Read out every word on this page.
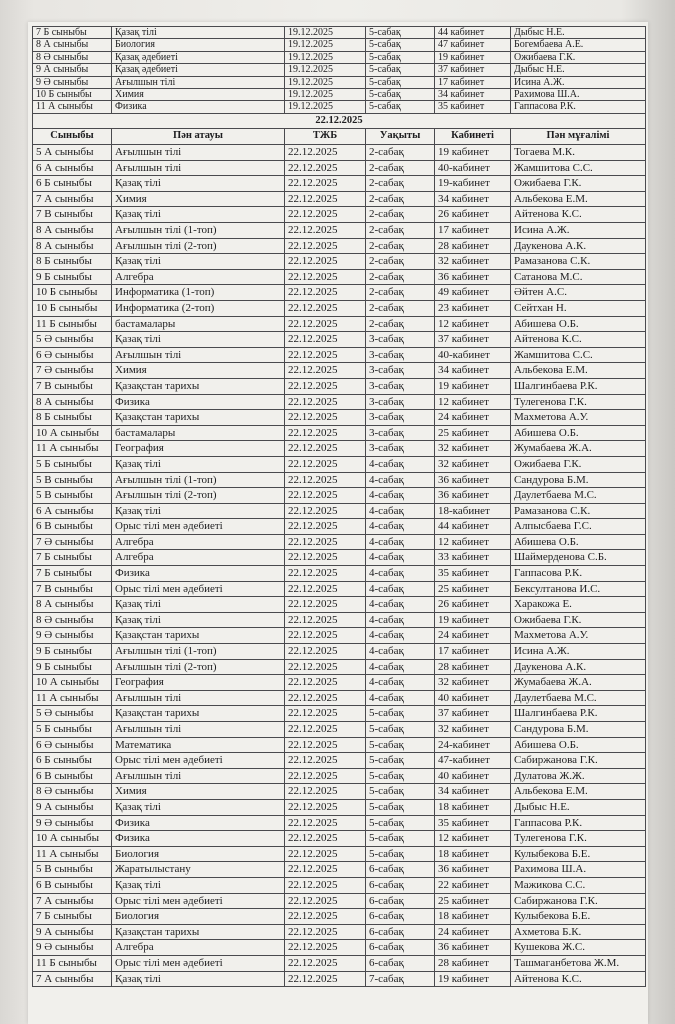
7 Б сыныбы	Қазақ тілі	19.12.2025	5-сабақ	44 кабинет	Дыбыс Н.Е.
8 А сыныбы	Биология	19.12.2025	5-сабақ	47 кабинет	Богембаева А.Е.
8 Ә сыныбы	Қазақ әдебиеті	19.12.2025	5-сабақ	19 кабинет	Ожибаева Г.К.
9 А сыныбы	Қазақ әдебиеті	19.12.2025	5-сабақ	37 кабинет	Дыбыс Н.Е.
9 Ә сыныбы	Ағылшын тілі	19.12.2025	5-сабақ	17 кабинет	Исина А.Ж.
10 Б сыныбы	Химия	19.12.2025	5-сабақ	34 кабинет	Рахимова Ш.А.
11 А сыныбы	Физика	19.12.2025	5-сабақ	35 кабинет	Гаппасова Р.К.
22.12.2025					
Сыныбы	Пән атауы	ТЖБ	Уақыты	Кабинеті	Пән мұғалімі
5 А сыныбы	Ағылшын тілі	22.12.2025	2-сабақ	19 кабинет	Тогаева М.К.
6 А сыныбы	Ағылшын тілі	22.12.2025	2-сабақ	40-кабинет	Жамшитова С.С.
6 Б сыныбы	Қазақ тілі	22.12.2025	2-сабақ	19-кабинет	Ожибаева Г.К.
7 А сыныбы	Химия	22.12.2025	2-сабақ	34 кабинет	Альбекова Е.М.
7 В сыныбы	Қазақ тілі	22.12.2025	2-сабақ	26 кабинет	Айтенова К.С.
8 А сыныбы	Ағылшын тілі (1-топ)	22.12.2025	2-сабақ	17 кабинет	Исина А.Ж.
8 А сыныбы	Ағылшын тілі (2-топ)	22.12.2025	2-сабақ	28 кабинет	Даукенова А.К.
8 Б сыныбы	Қазақ тілі	22.12.2025	2-сабақ	32 кабинет	Рамазанова С.К.
9 Б сыныбы	Алгебра	22.12.2025	2-сабақ	36 кабинет	Сатанова М.С.
10 Б сыныбы	Информатика (1-топ)	22.12.2025	2-сабақ	49 кабинет	Әйтен А.С.
10 Б сыныбы	Информатика (2-топ)	22.12.2025	2-сабақ	23 кабинет	Сейтхан Н.
11 Б сыныбы	бастамалары	22.12.2025	2-сабақ	12 кабинет	Абишева О.Б.
5 Ә сыныбы	Қазақ тілі	22.12.2025	3-сабақ	37 кабинет	Айтенова К.С.
6 Ә сыныбы	Ағылшын тілі	22.12.2025	3-сабақ	40-кабинет	Жамшитова С.С.
7 Ә сыныбы	Химия	22.12.2025	3-сабақ	34 кабинет	Альбекова Е.М.
7 В сыныбы	Қазақстан тарихы	22.12.2025	3-сабақ	19 кабинет	Шалгинбаева Р.К.
8 А сыныбы	Физика	22.12.2025	3-сабақ	12 кабинет	Тулегенова Г.К.
8 Б сыныбы	Қазақстан тарихы	22.12.2025	3-сабақ	24 кабинет	Махметова А.У.
10 А сыныбы	бастамалары	22.12.2025	3-сабақ	25 кабинет	Абишева О.Б.
11 А сыныбы	География	22.12.2025	3-сабақ	32 кабинет	Жумабаева Ж.А.
5 Б сыныбы	Қазақ тілі	22.12.2025	4-сабақ	32 кабинет	Ожибаева Г.К.
5 В сыныбы	Ағылшын тілі (1-топ)	22.12.2025	4-сабақ	36 кабинет	Сандурова Б.М.
5 В сыныбы	Ағылшын тілі (2-топ)	22.12.2025	4-сабақ	36 кабинет	Даулетбаева М.С.
6 А сыныбы	Қазақ тілі	22.12.2025	4-сабақ	18-кабинет	Рамазанова С.К.
6 В сыныбы	Орыс тілі мен әдебиеті	22.12.2025	4-сабақ	44 кабинет	Алпысбаева Г.С.
7 Ә сыныбы	Алгебра	22.12.2025	4-сабақ	12 кабинет	Абишева О.Б.
7 Б сыныбы	Алгебра	22.12.2025	4-сабақ	33 кабинет	Шаймерденова С.Б.
7 Б сыныбы	Физика	22.12.2025	4-сабақ	35 кабинет	Гаппасова Р.К.
7 В сыныбы	Орыс тілі мен әдебиеті	22.12.2025	4-сабақ	25 кабинет	Бексултанова И.С.
8 А сыныбы	Қазақ тілі	22.12.2025	4-сабақ	26 кабинет	Харакожа Е.
8 Ә сыныбы	Қазақ тілі	22.12.2025	4-сабақ	19 кабинет	Ожибаева Г.К.
9 Ә сыныбы	Қазақстан тарихы	22.12.2025	4-сабақ	24 кабинет	Махметова А.У.
9 Б сыныбы	Ағылшын тілі (1-топ)	22.12.2025	4-сабақ	17 кабинет	Исина А.Ж.
9 Б сыныбы	Ағылшын тілі (2-топ)	22.12.2025	4-сабақ	28 кабинет	Даукенова А.К.
10 А сыныбы	География	22.12.2025	4-сабақ	32 кабинет	Жумабаева Ж.А.
11 А сыныбы	Ағылшын тілі	22.12.2025	4-сабақ	40 кабинет	Даулетбаева М.С.
5 Ә сыныбы	Қазақстан тарихы	22.12.2025	5-сабақ	37 кабинет	Шалгинбаева Р.К.
5 Б сыныбы	Ағылшын тілі	22.12.2025	5-сабақ	32 кабинет	Сандурова Б.М.
6 Ә сыныбы	Математика	22.12.2025	5-сабақ	24-кабинет	Абишева О.Б.
6 Б сыныбы	Орыс тілі мен әдебиеті	22.12.2025	5-сабақ	47-кабинет	Сабиржанова Г.К.
6 В сыныбы	Ағылшын тілі	22.12.2025	5-сабақ	40 кабинет	Дулатова Ж.Ж.
8 Ә сыныбы	Химия	22.12.2025	5-сабақ	34 кабинет	Альбекова Е.М.
9 А сыныбы	Қазақ тілі	22.12.2025	5-сабақ	18 кабинет	Дыбыс Н.Е.
9 Ә сыныбы	Физика	22.12.2025	5-сабақ	35 кабинет	Гаппасова Р.К.
10 А сыныбы	Физика	22.12.2025	5-сабақ	12 кабинет	Тулегенова Г.К.
11 А сыныбы	Биология	22.12.2025	5-сабақ	18 кабинет	Кулыбекова Б.Е.
5 В сыныбы	Жаратылыстану	22.12.2025	6-сабақ	36 кабинет	Рахимова Ш.А.
6 В сыныбы	Қазақ тілі	22.12.2025	6-сабақ	22 кабинет	Мажикова С.С.
7 А сыныбы	Орыс тілі мен әдебиеті	22.12.2025	6-сабақ	25 кабинет	Сабиржанова Г.К.
7 Б сыныбы	Биология	22.12.2025	6-сабақ	18 кабинет	Кулыбекова Б.Е.
9 А сыныбы	Қазақстан тарихы	22.12.2025	6-сабақ	24 кабинет	Ахметова Б.К.
9 Ә сыныбы	Алгебра	22.12.2025	6-сабақ	36 кабинет	Кушекова Ж.С.
11 Б сыныбы	Орыс тілі мен әдебиеті	22.12.2025	6-сабақ	28 кабинет	Ташмаганбетова Ж.М.
7 А сыныбы	Қазақ тілі	22.12.2025	7-сабақ	19 кабинет	Айтенова К.С.
